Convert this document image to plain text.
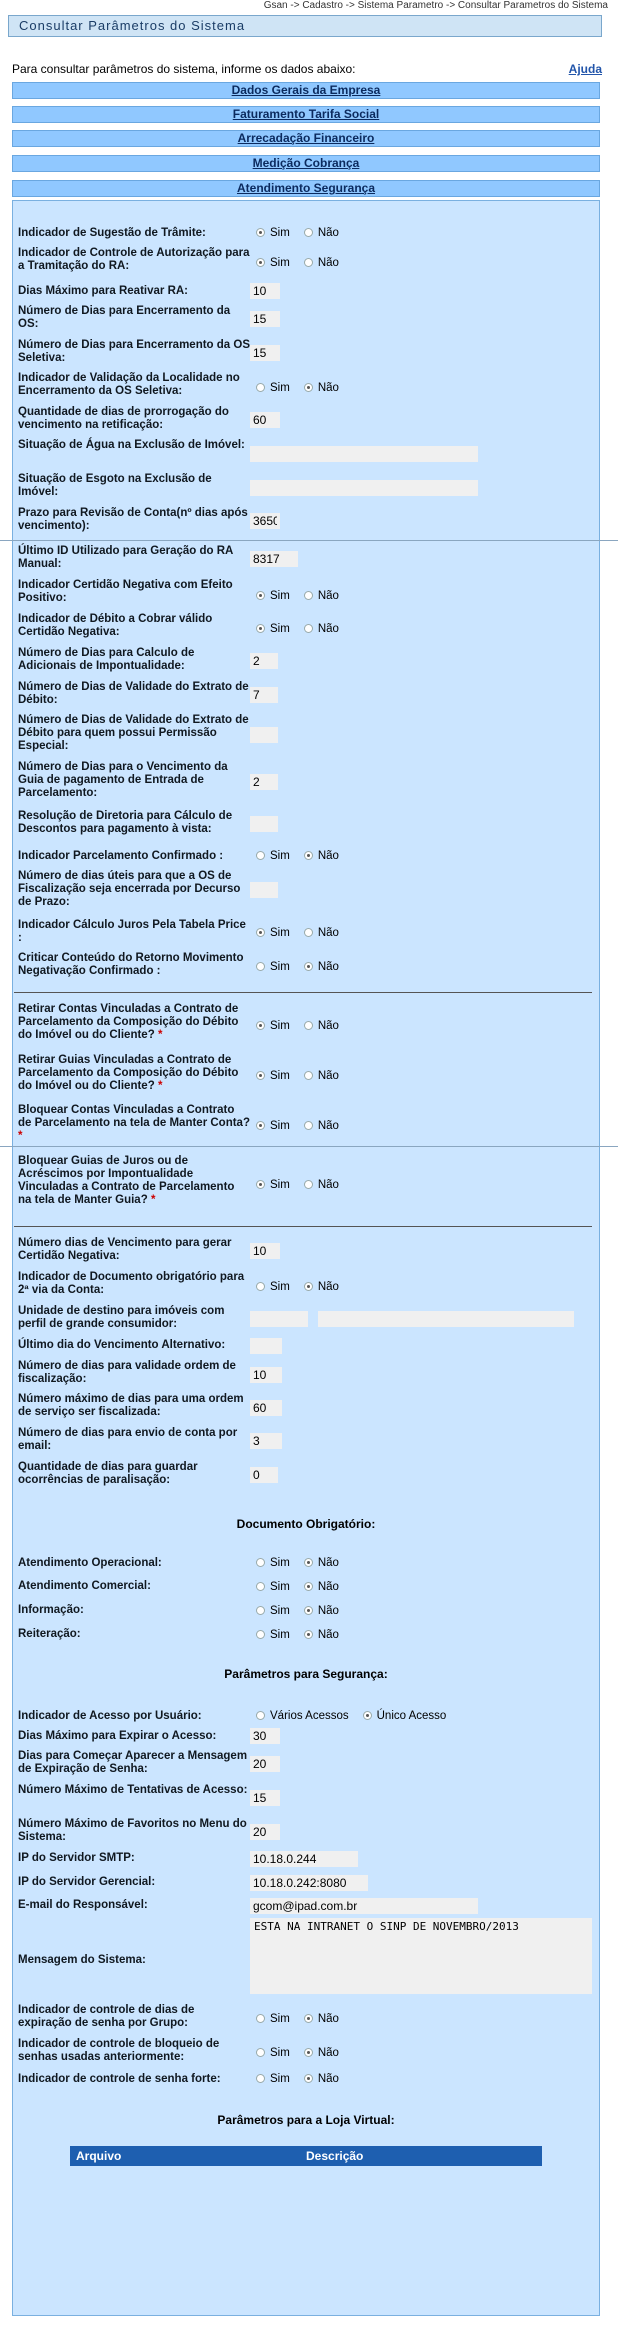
Gsan -> Cadastro -> Sistema Parametro -> Consultar Parametros do Sistema
Consultar Parâmetros do Sistema
Para consultar parâmetros do sistema, informe os dados abaixo:	Ajuda
Dados Gerais da Empresa
Faturamento Tarifa Social
Arrecadação Financeiro
Medição Cobrança
Atendimento Segurança
Indicador de Sugestão de Trâmite:	Sim Não
Indicador de Controle de Autorização para a Tramitação do RA:	Sim Não
Dias Máximo para Reativar RA:
10
Número de Dias para Encerramento da OS:
15
Número de Dias para Encerramento da OS Seletiva:
15
Indicador de Validação da Localidade no Encerramento da OS Seletiva:	Sim Não
Quantidade de dias de prorrogação do vencimento na retificação:
60
Situação de Água na Exclusão de Imóvel:
Situação de Esgoto na Exclusão de Imóvel:
Prazo para Revisão de Conta(nº dias após vencimento):
3650
Último ID Utilizado para Geração do RA Manual:
8317
Indicador Certidão Negativa com Efeito Positivo:	Sim Não
Indicador de Débito a Cobrar válido Certidão Negativa:	Sim Não
Número de Dias para Calculo de Adicionais de Impontualidade:
2
Número de Dias de Validade do Extrato de Débito:
7
Número de Dias de Validade do Extrato de Débito para quem possui Permissão Especial:
Número de Dias para o Vencimento da Guia de pagamento de Entrada de Parcelamento:
2
Resolução de Diretoria para Cálculo de Descontos para pagamento à vista:
Indicador Parcelamento Confirmado :	Sim Não
Número de dias úteis para que a OS de Fiscalização seja encerrada por Decurso de Prazo:
Indicador Cálculo Juros Pela Tabela Price :	Sim Não
Criticar Conteúdo do Retorno Movimento Negativação Confirmado :	Sim Não
Retirar Contas Vinculadas a Contrato de Parcelamento da Composição do Débito do Imóvel ou do Cliente? *
Sim Não
Retirar Guias Vinculadas a Contrato de Parcelamento da Composição do Débito do Imóvel ou do Cliente? *
Sim Não
Bloquear Contas Vinculadas a Contrato de Parcelamento na tela de Manter Conta? *
Sim Não
Bloquear Guias de Juros ou de Acréscimos por Impontualidade Vinculadas a Contrato de Parcelamento na tela de Manter Guia? *
Sim Não
Número dias de Vencimento para gerar Certidão Negativa:
10
Indicador de Documento obrigatório para 2ª via da Conta:	Sim Não
Unidade de destino para imóveis com perfil de grande consumidor:
Último dia do Vencimento Alternativo:
Número de dias para validade ordem de fiscalização:
10
Número máximo de dias para uma ordem de serviço ser fiscalizada:
60
Número de dias para envio de conta por email:
3
Quantidade de dias para guardar ocorrências de paralisação:
0
Documento Obrigatório:
Atendimento Operacional:	Sim Não
Atendimento Comercial:	Sim Não
Informação:	Sim Não
Reiteração:	Sim Não
Parâmetros para Segurança:
Indicador de Acesso por Usuário:	Vários Acessos Único Acesso
Dias Máximo para Expirar o Acesso:
30
Dias para Começar Aparecer a Mensagem de Expiração de Senha:
20
Número Máximo de Tentativas de Acesso:
15
Número Máximo de Favoritos no Menu do Sistema:
20
IP do Servidor SMTP:
10.18.0.244
IP do Servidor Gerencial:
10.18.0.242:8080
E-mail do Responsável:
gcom@ipad.com.br
Mensagem do Sistema:
ESTA NA INTRANET O SINP DE NOVEMBRO/2013
Indicador de controle de dias de expiração de senha por Grupo:	Sim Não
Indicador de controle de bloqueio de senhas usadas anteriormente:	Sim Não
Indicador de controle de senha forte:	Sim Não
Parâmetros para a Loja Virtual:
Arquivo	Descrição
